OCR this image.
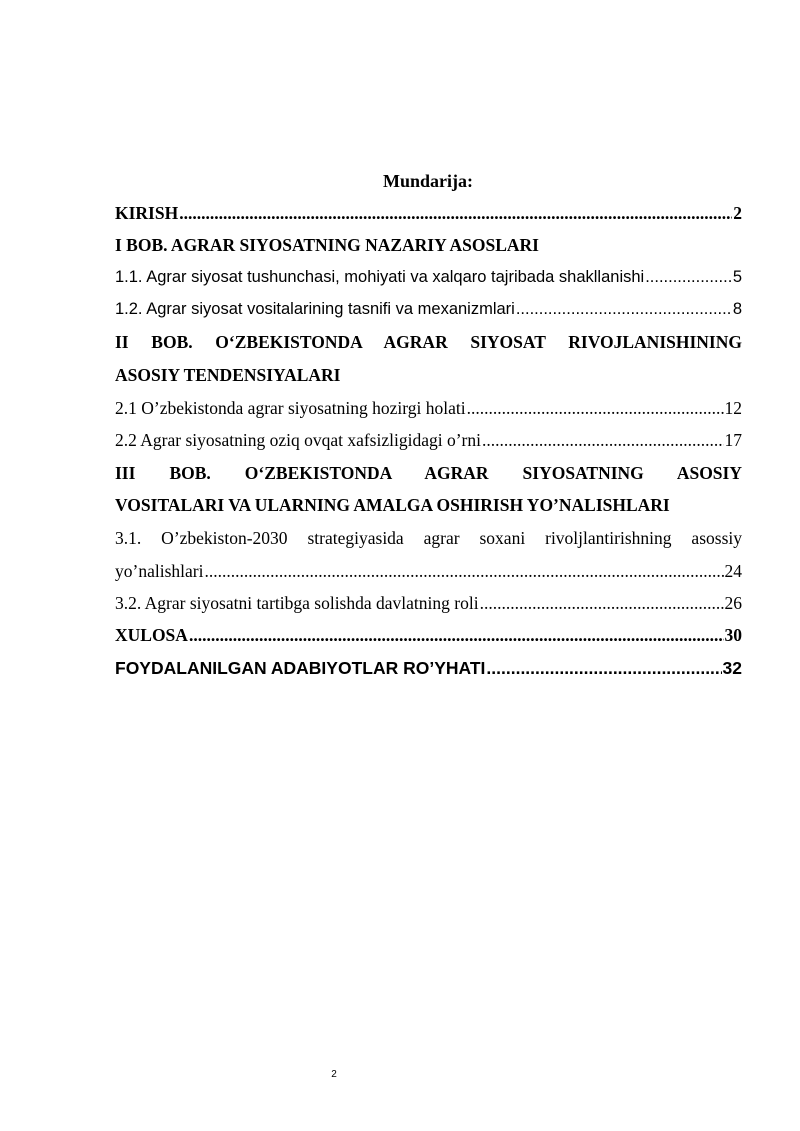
Mundarija:
KIRISH .....	2
I BOB. AGRAR SIYOSATNING NAZARIY ASOSLARI
1.1. Agrar siyosat tushunchasi, mohiyati va xalqaro tajribada shakllanishi .....	5
1.2. Agrar siyosat vositalarining tasnifi va mexanizmlari .....	8
II BOB. O‘ZBEKISTONDA AGRAR SIYOSAT RIVOJLANISHINING
ASOSIY TENDENSIYALARI
2.1 O’zbekistonda agrar siyosatning hozirgi holati .....	12
2.2 Agrar siyosatning oziq ovqat xafsizligidagi o’rni .....	17
III BOB. O‘ZBEKISTONDA AGRAR SIYOSATNING ASOSIY
VOSITALARI VA ULARNING AMALGA OSHIRISH YO’NALISHLARI
3.1. O’zbekiston-2030 strategiyasida agrar soxani rivoljlantirishning asossiy
yo’nalishlari .....	24
3.2. Agrar siyosatni tartibga solishda davlatning roli .....	26
XULOSA .....	30
FOYDALANILGAN ADABIYOTLAR RO’YHATI .....	32
2
